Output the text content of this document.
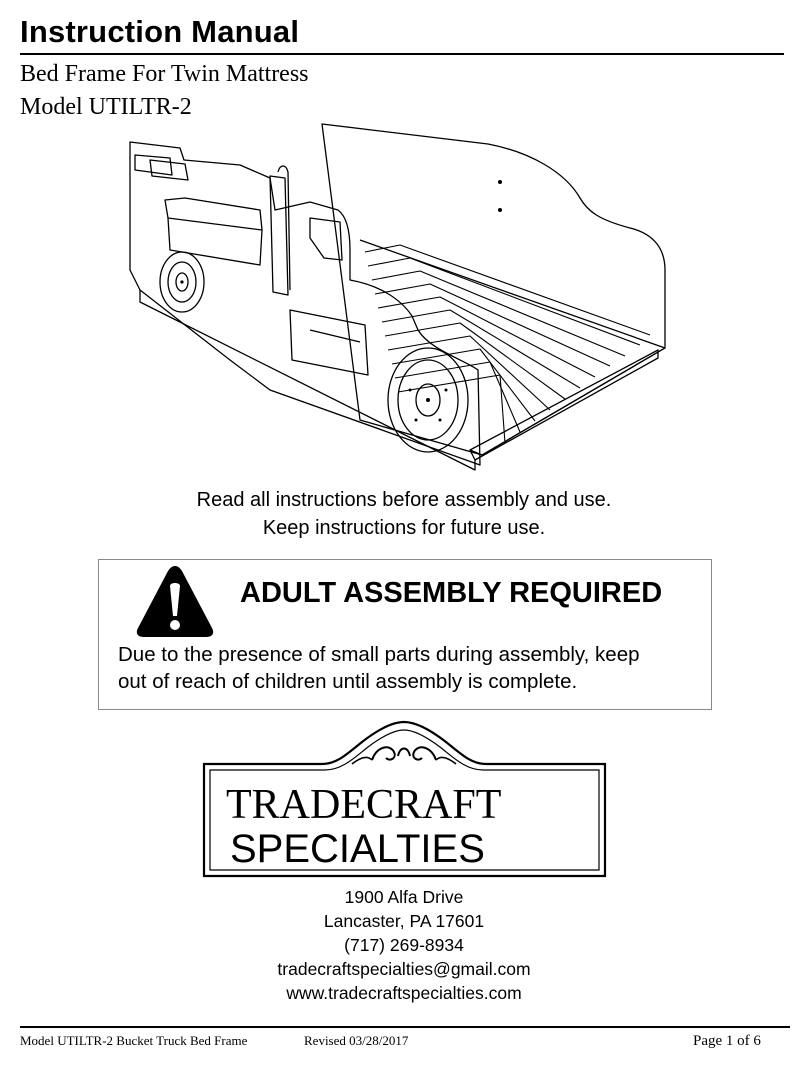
Instruction Manual
Bed Frame For Twin Mattress
Model UTILTR-2
Read all instructions before assembly and use.
Keep instructions for future use.
ADULT ASSEMBLY REQUIRED
Due to the presence of small parts during assembly, keep
out of reach of children until assembly is complete.
TRADECRAFT
SPECIALTIES
1900 Alfa Drive
Lancaster, PA 17601
(717) 269-8934
tradecraftspecialties@gmail.com
www.tradecraftspecialties.com
Model UTILTR-2 Bucket Truck Bed Frame	Revised 03/28/2017	Page 1 of 6
